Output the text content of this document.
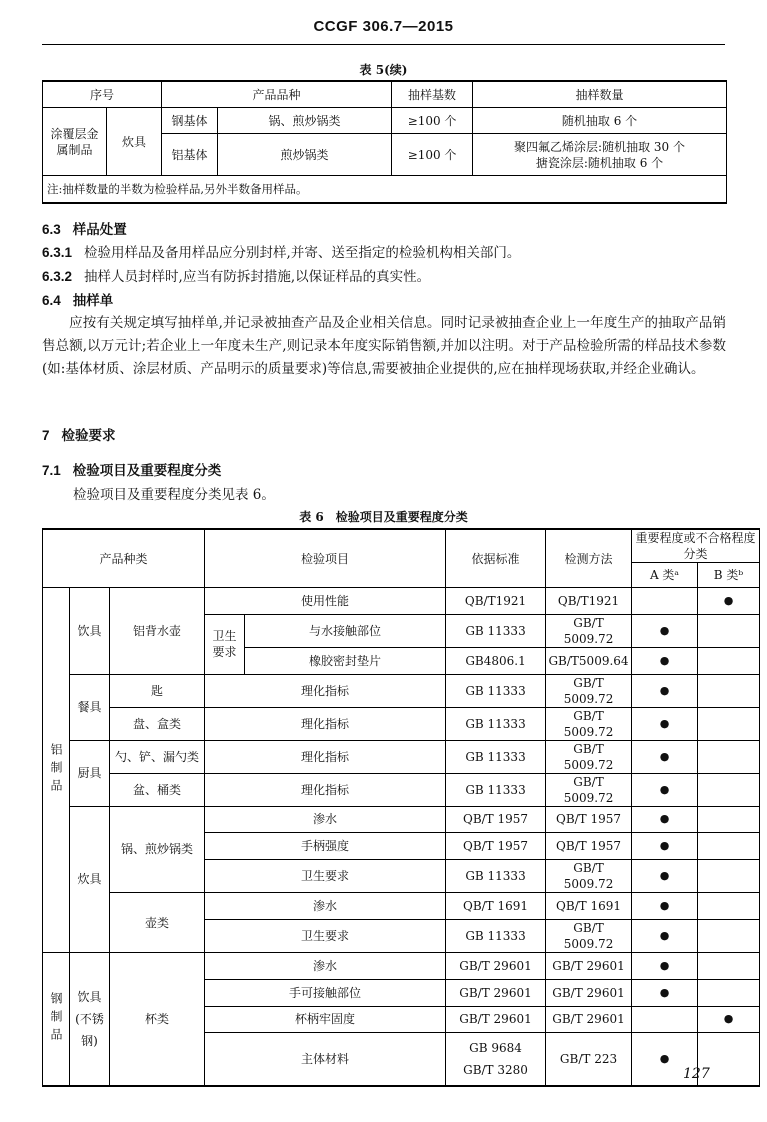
CCGF 306.7—2015
表 5(续)
序号		产品品种		抽样基数	抽样数量
涂覆层金属制品	炊具	钢基体	锅、煎炒锅类	≥100 个	随机抽取 6 个
		铝基体	煎炒锅类	≥100 个	聚四氟乙烯涂层:随机抽取 30 个
搪瓷涂层:随机抽取 6 个

注:抽样数量的半数为检验样品,另外半数备用样品。					
6.3 样品处置
6.3.1 检验用样品及备用样品应分别封样,并寄、送至指定的检验机构相关部门。
6.3.2 抽样人员封样时,应当有防拆封措施,以保证样品的真实性。
6.4 抽样单
应按有关规定填写抽样单,并记录被抽查产品及企业相关信息。同时记录被抽查企业上一年度生产的抽取产品销售总额,以万元计;若企业上一年度未生产,则记录本年度实际销售额,并加以注明。对于产品检验所需的样品技术参数(如:基体材质、涂层材质、产品明示的质量要求)等信息,需要被抽企业提供的,应在抽样现场获取,并经企业确认。
7 检验要求
7.1 检验项目及重要程度分类
检验项目及重要程度分类见表 6。
表 6　检验项目及重要程度分类
产品种类			检验项目		依据标准	检测方法	重要程度或不合格程度分类	
							A 类ᵃ	B 类ᵇ
铝制品	饮具	铝背水壶	使用性能		QB/T1921	QB/T1921		●
			卫生要求	与水接触部位	GB 11333	GB/T 5009.72	●	
				橡胶密封垫片	GB4806.1	GB/T5009.64	●	
	餐具	匙	理化指标		GB 11333	GB/T 5009.72	●	
		盘、盒类	理化指标		GB 11333	GB/T 5009.72	●	
	厨具	勺、铲、漏勺类	理化指标		GB 11333	GB/T 5009.72	●	
		盆、桶类	理化指标		GB 11333	GB/T 5009.72	●	
	炊具	锅、煎炒锅类	渗水		QB/T 1957	QB/T 1957	●	
			手柄强度		QB/T 1957	QB/T 1957	●	
			卫生要求		GB 11333	GB/T 5009.72	●	
		壶类	渗水		QB/T 1691	QB/T 1691	●	
			卫生要求		GB 11333	GB/T 5009.72	●	
钢制品	饮具(不锈钢)	杯类	渗水		GB/T 29601	GB/T 29601	●	
			手可接触部位		GB/T 29601	GB/T 29601	●	
			杯柄牢固度		GB/T 29601	GB/T 29601		●
			主体材料		GB 9684
GB/T 3280	GB/T 223	●	
127
